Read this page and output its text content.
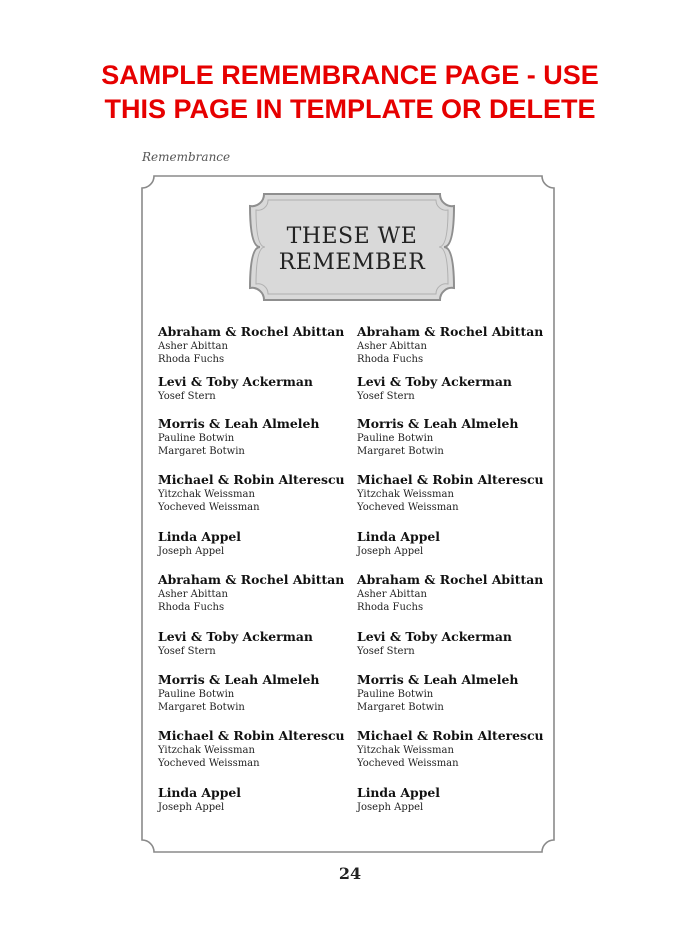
SAMPLE REMEMBRANCE PAGE - USE
THIS PAGE IN TEMPLATE OR DELETE
Remembrance
THESE WE
REMEMBER
Abraham & Rochel Abittan
Asher Abittan
Rhoda Fuchs
Levi & Toby Ackerman
Yosef Stern
Morris & Leah Almeleh
Pauline Botwin
Margaret Botwin
Michael & Robin Alterescu
Yitzchak Weissman
Yocheved Weissman
Linda Appel
Joseph Appel
Abraham & Rochel Abittan
Asher Abittan
Rhoda Fuchs
Levi & Toby Ackerman
Yosef Stern
Morris & Leah Almeleh
Pauline Botwin
Margaret Botwin
Michael & Robin Alterescu
Yitzchak Weissman
Yocheved Weissman
Linda Appel
Joseph Appel
Abraham & Rochel Abittan
Asher Abittan
Rhoda Fuchs
Levi & Toby Ackerman
Yosef Stern
Morris & Leah Almeleh
Pauline Botwin
Margaret Botwin
Michael & Robin Alterescu
Yitzchak Weissman
Yocheved Weissman
Linda Appel
Joseph Appel
Abraham & Rochel Abittan
Asher Abittan
Rhoda Fuchs
Levi & Toby Ackerman
Yosef Stern
Morris & Leah Almeleh
Pauline Botwin
Margaret Botwin
Michael & Robin Alterescu
Yitzchak Weissman
Yocheved Weissman
Linda Appel
Joseph Appel
24
